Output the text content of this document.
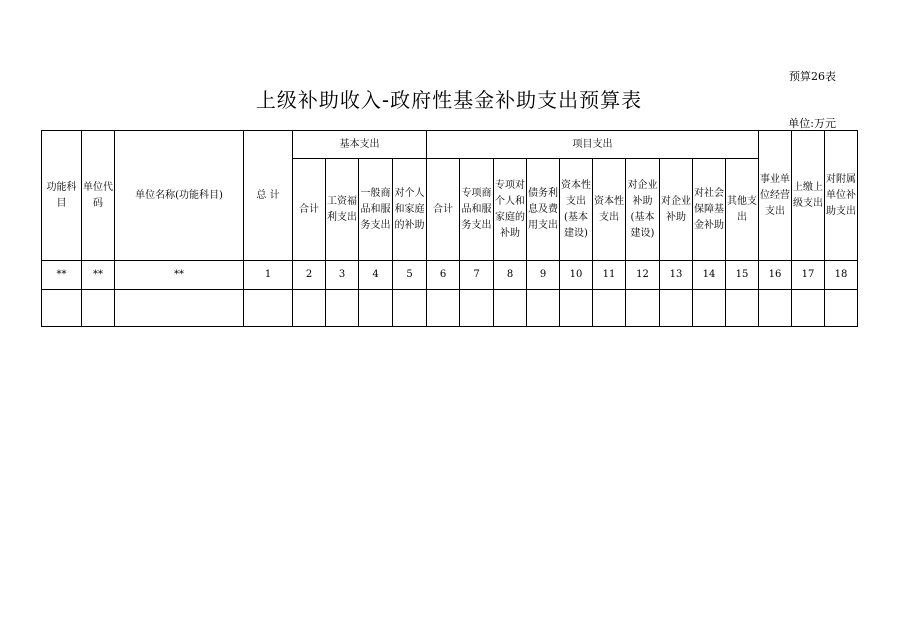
预算26表
上级补助收入-政府性基金补助支出预算表
单位:万元
功能科目	单位代码	单位名称(功能科目)	总 计	基本支出				项目支出										事业单位经营支出	上缴上级支出	对附属单位补助支出
				合计	工资福利支出	一般商品和服务支出	对个人和家庭的补助	合计	专项商品和服务支出	专项对个人和家庭的补助	债务利息及费用支出	资本性支出(基本建设)	资本性支出	对企业补助(基本建设)	对企业补助	对社会保障基金补助	其他支出			
**	**	**	1	2	3	4	5	6	7	8	9	10	11	12	13	14	15	16	17	18
